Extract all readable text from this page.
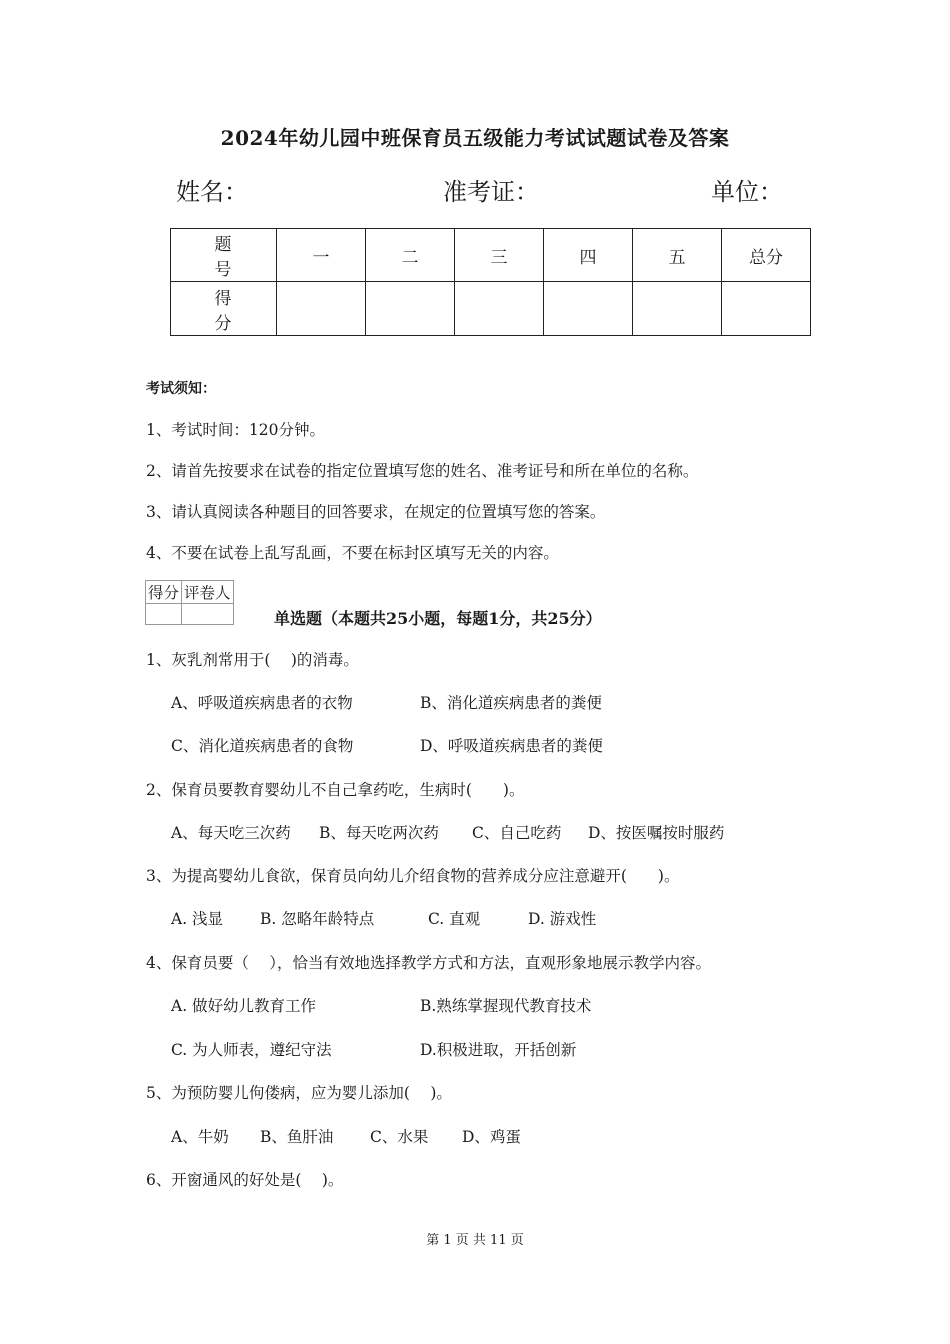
2024年幼儿园中班保育员五级能力考试试题试卷及答案
姓名：	准考证：	单位：
题　号	一	二	三	四	五	总分
得　分						
考试须知：
1、考试时间：120分钟。
2、请首先按要求在试卷的指定位置填写您的姓名、准考证号和所在单位的名称。
3、请认真阅读各种题目的回答要求，在规定的位置填写您的答案。
4、不要在试卷上乱写乱画，不要在标封区填写无关的内容。
得分	评卷人

单选题（本题共25小题，每题1分，共25分）
1、灰乳剂常用于(　 )的消毒。
A、呼吸道疾病患者的衣物	B、消化道疾病患者的粪便
C、消化道疾病患者的食物	D、呼吸道疾病患者的粪便
2、保育员要教育婴幼儿不自己拿药吃，生病时(　　)。
A、每天吃三次药 B、每天吃两次药 C、自己吃药 D、按医嘱按时服药
3、为提高婴幼儿食欲，保育员向幼儿介绍食物的营养成分应注意避开(　　)。
A. 浅显 B. 忽略年龄特点	C. 直观	D. 游戏性
4、保育员要（　 ），恰当有效地选择教学方式和方法，直观形象地展示教学内容。
A. 做好幼儿教育工作	B.熟练掌握现代教育技术
C. 为人师表，遵纪守法	D.积极进取，开括创新
5、为预防婴儿佝偻病，应为婴儿添加(　 )。
A、牛奶 B、鱼肝油 C、水果 D、鸡蛋
6、开窗通风的好处是(　 )。
第 1 页 共 11 页
